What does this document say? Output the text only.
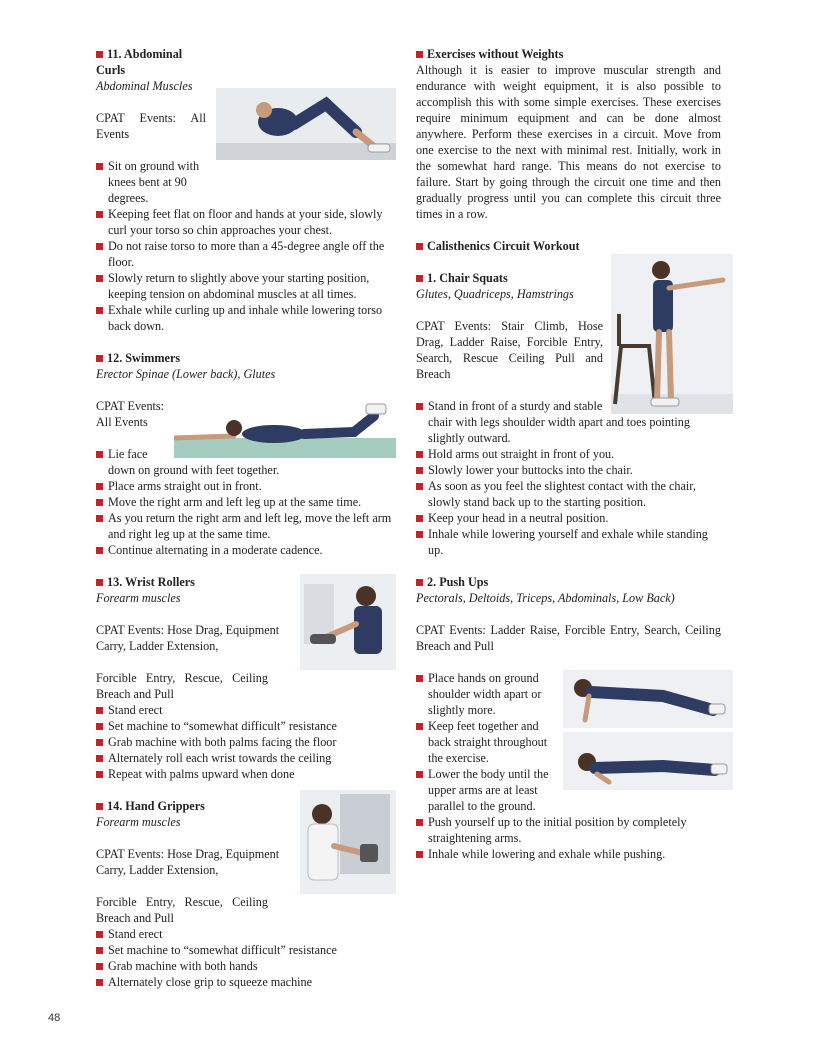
11. Abdominal Curls
Abdominal Muscles
CPAT Events: All Events
Sit on ground with knees bent at 90 degrees.
Keeping feet flat on floor and hands at your side, slowly curl your torso so chin approaches your chest.
Do not raise torso to more than a 45-degree angle off the floor.
Slowly return to slightly above your starting position, keeping tension on abdominal muscles at all times.
Exhale while curling up and inhale while lowering torso back down.
12. Swimmers
Erector Spinae (Lower back), Glutes
CPAT Events:
All Events
Lie face down on ground with feet together.
Place arms straight out in front.
Move the right arm and left leg up at the same time.
As you return the right arm and left leg, move the left arm and right leg up at the same time.
Continue alternating in a moderate cadence.
13. Wrist Rollers
Forearm muscles
CPAT Events: Hose Drag, Equipment Carry, Ladder Extension,
Forcible Entry, Rescue, Ceiling Breach and Pull
Stand erect
Set machine to “somewhat difficult” resistance
Grab machine with both palms facing the floor
Alternately roll each wrist towards the ceiling
Repeat with palms upward when done
14. Hand Grippers
Forearm muscles
CPAT Events: Hose Drag, Equipment Carry, Ladder Extension,
Forcible Entry, Rescue, Ceiling Breach and Pull
Stand erect
Set machine to “somewhat difficult” resistance
Grab machine with both hands
Alternately close grip to squeeze machine
Exercises without Weights
Although it is easier to improve muscular strength and endurance with weight equipment, it is also possible to accomplish this with some simple exercises. These exercises require minimum equipment and can be done almost anywhere. Perform these exercises in a circuit. Move from one exercise to the next with minimal rest. Initially, work in the somewhat hard range. This means do not exercise to failure. Start by going through the circuit one time and then gradually progress until you can complete this circuit three times in a row.
Calisthenics Circuit Workout
1. Chair Squats
Glutes, Quadriceps, Hamstrings
CPAT Events: Stair Climb, Hose Drag, Ladder Raise, Forcible Entry, Search, Rescue Ceiling Pull and Breach
Stand in front of a sturdy and stable chair with legs shoulder width apart and toes pointing slightly outward.
Hold arms out straight in front of you.
Slowly lower your buttocks into the chair.
As soon as you feel the slightest contact with the chair, slowly stand back up to the starting position.
Keep your head in a neutral position.
Inhale while lowering yourself and exhale while standing up.
2. Push Ups
Pectorals, Deltoids, Triceps, Abdominals, Low Back)
CPAT Events: Ladder Raise, Forcible Entry, Search, Ceiling Breach and Pull
Place hands on ground shoulder width apart or slightly more.
Keep feet together and back straight throughout the exercise.
Lower the body until the upper arms are at least parallel to the ground.
Push yourself up to the initial position by completely straightening arms.
Inhale while lowering and exhale while pushing.
48
